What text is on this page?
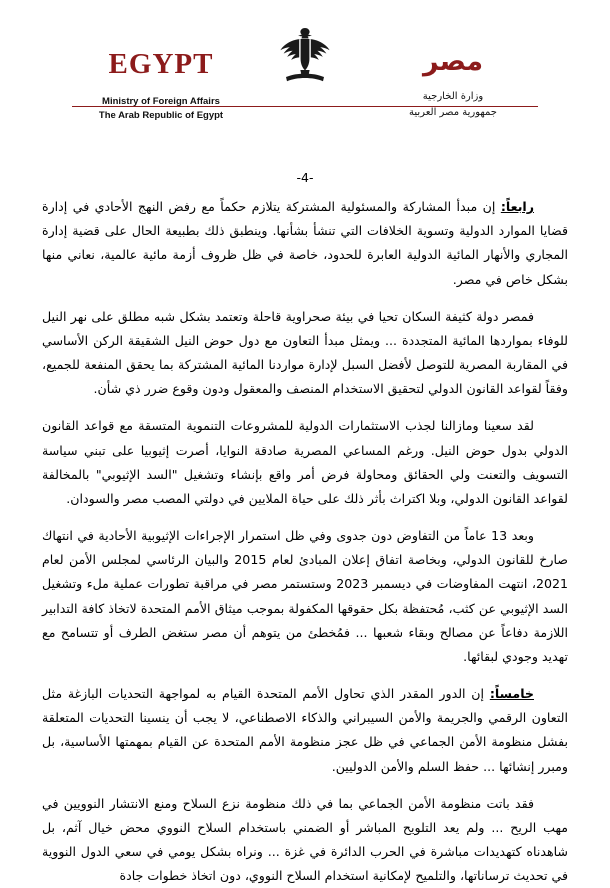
EGYPT
Ministry of Foreign Affairs
The Arab Republic of Egypt
مصر
وزارة الخارجية
جمهورية مصر العربية
-4-

رابعاً: إن مبدأ المشاركة والمسئولية المشتركة يتلازم حكماً مع رفض النهج الأحادي في إدارة قضايا الموارد الدولية وتسوية الخلافات التي تنشأ بشأنها. وينطبق ذلك بطبيعة الحال على قضية إدارة المجاري والأنهار المائية الدولية العابرة للحدود، خاصة في ظل ظروف أزمة مائية عالمية، نعاني منها بشكل خاص في مصر.

فمصر دولة كثيفة السكان تحيا في بيئة صحراوية قاحلة وتعتمد بشكل شبه مطلق على نهر النيل للوفاء بمواردها المائية المتجددة ... ويمثل مبدأ التعاون مع دول حوض النيل الشقيقة الركن الأساسي في المقاربة المصرية للتوصل لأفضل السبل لإدارة مواردنا المائية المشتركة بما يحقق المنفعة للجميع، وفقاً لقواعد القانون الدولي لتحقيق الاستخدام المنصف والمعقول ودون وقوع ضرر ذي شأن.

لقد سعينا ومازالنا لجذب الاستثمارات الدولية للمشروعات التنموية المتسقة مع قواعد القانون الدولي بدول حوض النيل. ورغم المساعي المصرية صادقة النوايا، أصرت إثيوبيا على تبني سياسة التسويف والتعنت ولي الحقائق ومحاولة فرض أمر واقع بإنشاء وتشغيل "السد الإثيوبي" بالمخالفة لقواعد القانون الدولي، وبلا اكتراث بأثر ذلك على حياة الملايين في دولتي المصب مصر والسودان.

وبعد 13 عاماً من التفاوض دون جدوى وفي ظل استمرار الإجراءات الإثيوبية الأحادية في انتهاك صارخ للقانون الدولي، وبخاصة اتفاق إعلان المبادئ لعام 2015 والبيان الرئاسي لمجلس الأمن لعام 2021، انتهت المفاوضات في ديسمبر 2023 وستستمر مصر في مراقبة تطورات عملية ملء وتشغيل السد الإثيوبي عن كثب، مُحتفظة بكل حقوقها المكفولة بموجب ميثاق الأمم المتحدة لاتخاذ كافة التدابير اللازمة دفاعاً عن مصالح وبقاء شعبها ... فمُخطئ من يتوهم أن مصر ستغض الطرف أو تتسامح مع تهديد وجودي لبقائها.

خامساً: إن الدور المقدر الذي تحاول الأمم المتحدة القيام به لمواجهة التحديات البازغة مثل التعاون الرقمي والجريمة والأمن السيبراني والذكاء الاصطناعي، لا يجب أن ينسينا التحديات المتعلقة بفشل منظومة الأمن الجماعي في ظل عجز منظومة الأمم المتحدة عن القيام بمهمتها الأساسية، بل ومبرر إنشائها ... حفظ السلم والأمن الدوليين.

فقد باتت منظومة الأمن الجماعي بما في ذلك منظومة نزع السلاح ومنع الانتشار النوويين في مهب الريح ... ولم يعد التلويح المباشر أو الضمني باستخدام السلاح النووي محض خيال آثم، بل شاهدناه كتهديدات مباشرة في الحرب الدائرة في غزة ... ونراه بشكل يومي في سعي الدول النووية في تحديث ترساناتها، والتلميح لإمكانية استخدام السلاح النووي، دون اتخاذ خطوات جادة
